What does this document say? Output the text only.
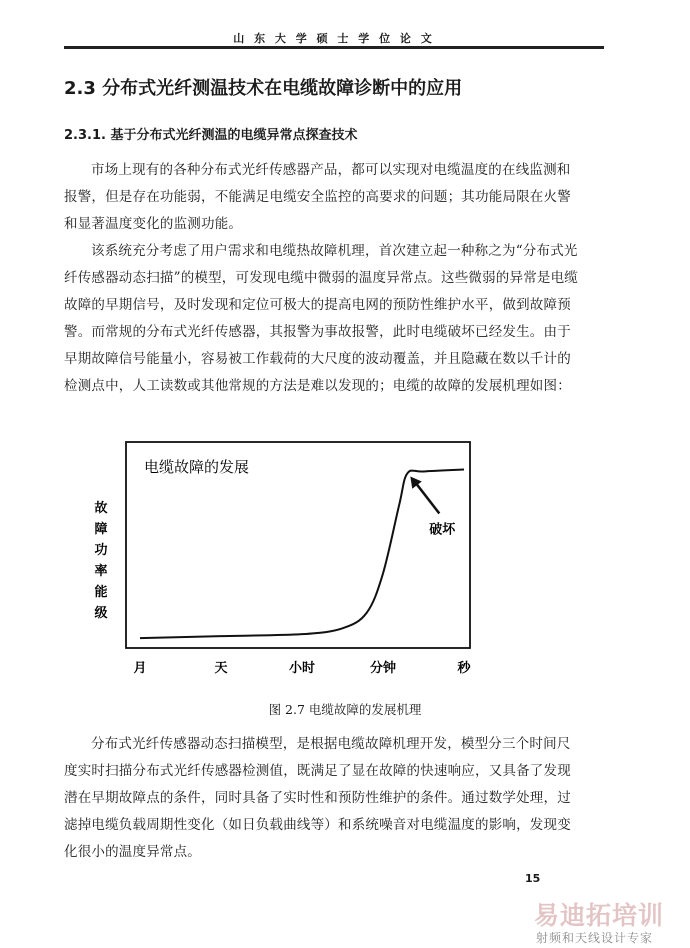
山 东 大 学 硕 士 学 位 论 文
2.3 分布式光纤测温技术在电缆故障诊断中的应用
2.3.1. 基于分布式光纤测温的电缆异常点探查技术

市场上现有的各种分布式光纤传感器产品，都可以实现对电缆温度的在线监测和报警，但是存在功能弱，不能满足电缆安全监控的高要求的问题；其功能局限在火警和显著温度变化的监测功能。

该系统充分考虑了用户需求和电缆热故障机理，首次建立起一种称之为“分布式光纤传感器动态扫描”的模型，可发现电缆中微弱的温度异常点。这些微弱的异常是电缆故障的早期信号，及时发现和定位可极大的提高电网的预防性维护水平，做到故障预警。而常规的分布式光纤传感器，其报警为事故报警，此时电缆破坏已经发生。由于早期故障信号能量小，容易被工作载荷的大尺度的波动覆盖，并且隐藏在数以千计的检测点中，人工读数或其他常规的方法是难以发现的；电缆的故障的发展机理如图：

电缆故障的发展
故
障
功
率
能
级
破坏
月	天	小时	分钟	秒
图 2.7 电缆故障的发展机理

分布式光纤传感器动态扫描模型，是根据电缆故障机理开发，模型分三个时间尺度实时扫描分布式光纤传感器检测值，既满足了显在故障的快速响应，又具备了发现潜在早期故障点的条件，同时具备了实时性和预防性维护的条件。通过数学处理，过滤掉电缆负载周期性变化（如日负载曲线等）和系统噪音对电缆温度的影响，发现变化很小的温度异常点。

15
易迪拓培训
射频和天线设计专家
